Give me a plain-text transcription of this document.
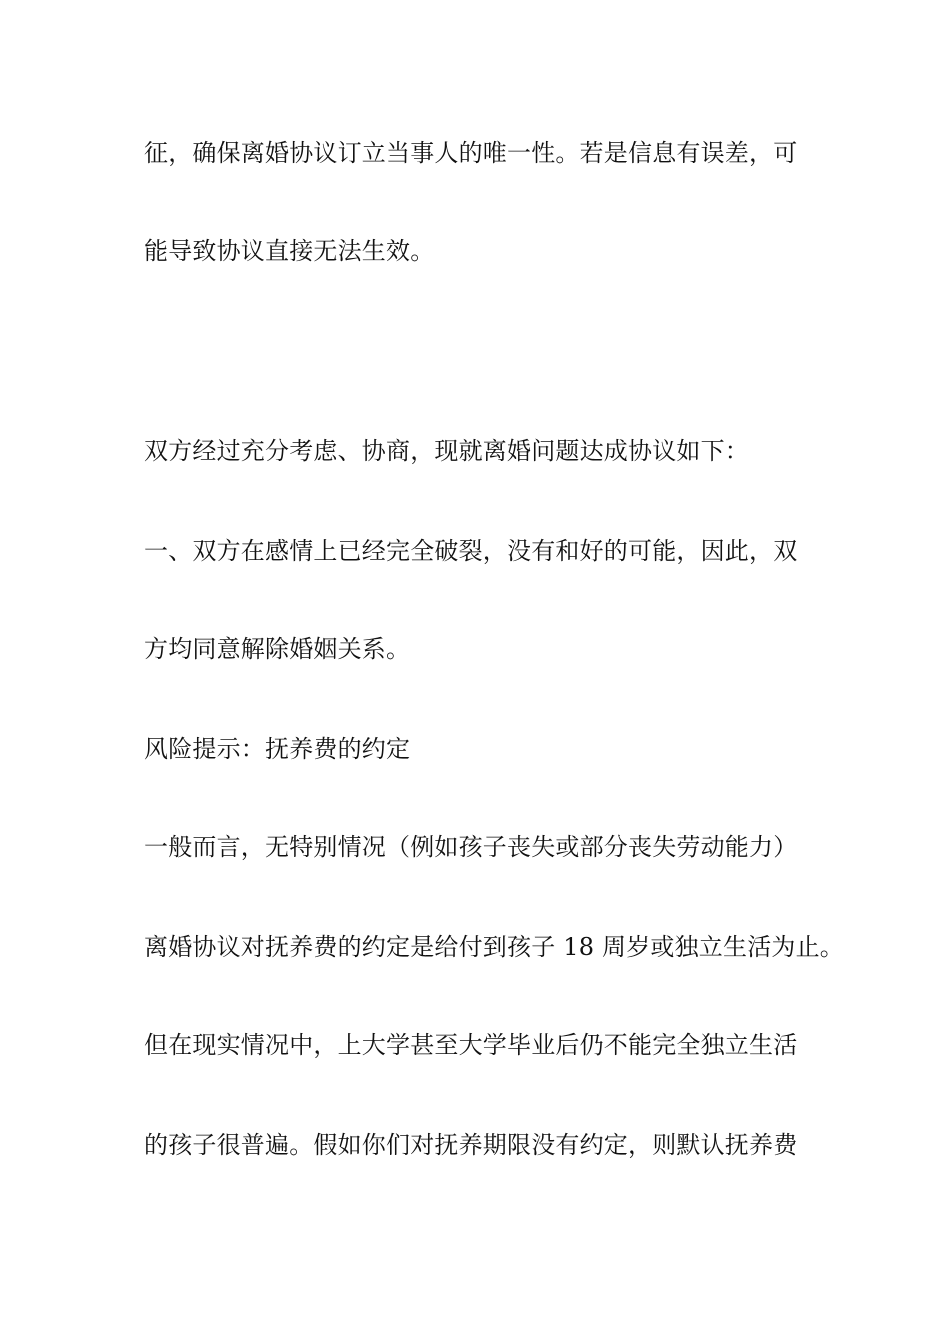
征，确保离婚协议订立当事人的唯一性。若是信息有误差，可
能导致协议直接无法生效。
双方经过充分考虑、协商，现就离婚问题达成协议如下：
一、双方在感情上已经完全破裂，没有和好的可能，因此，双
方均同意解除婚姻关系。
风险提示：抚养费的约定
一般而言，无特别情况（例如孩子丧失或部分丧失劳动能力）
离婚协议对抚养费的约定是给付到孩子 18 周岁或独立生活为止。
但在现实情况中，上大学甚至大学毕业后仍不能完全独立生活
的孩子很普遍。假如你们对抚养期限没有约定，则默认抚养费
